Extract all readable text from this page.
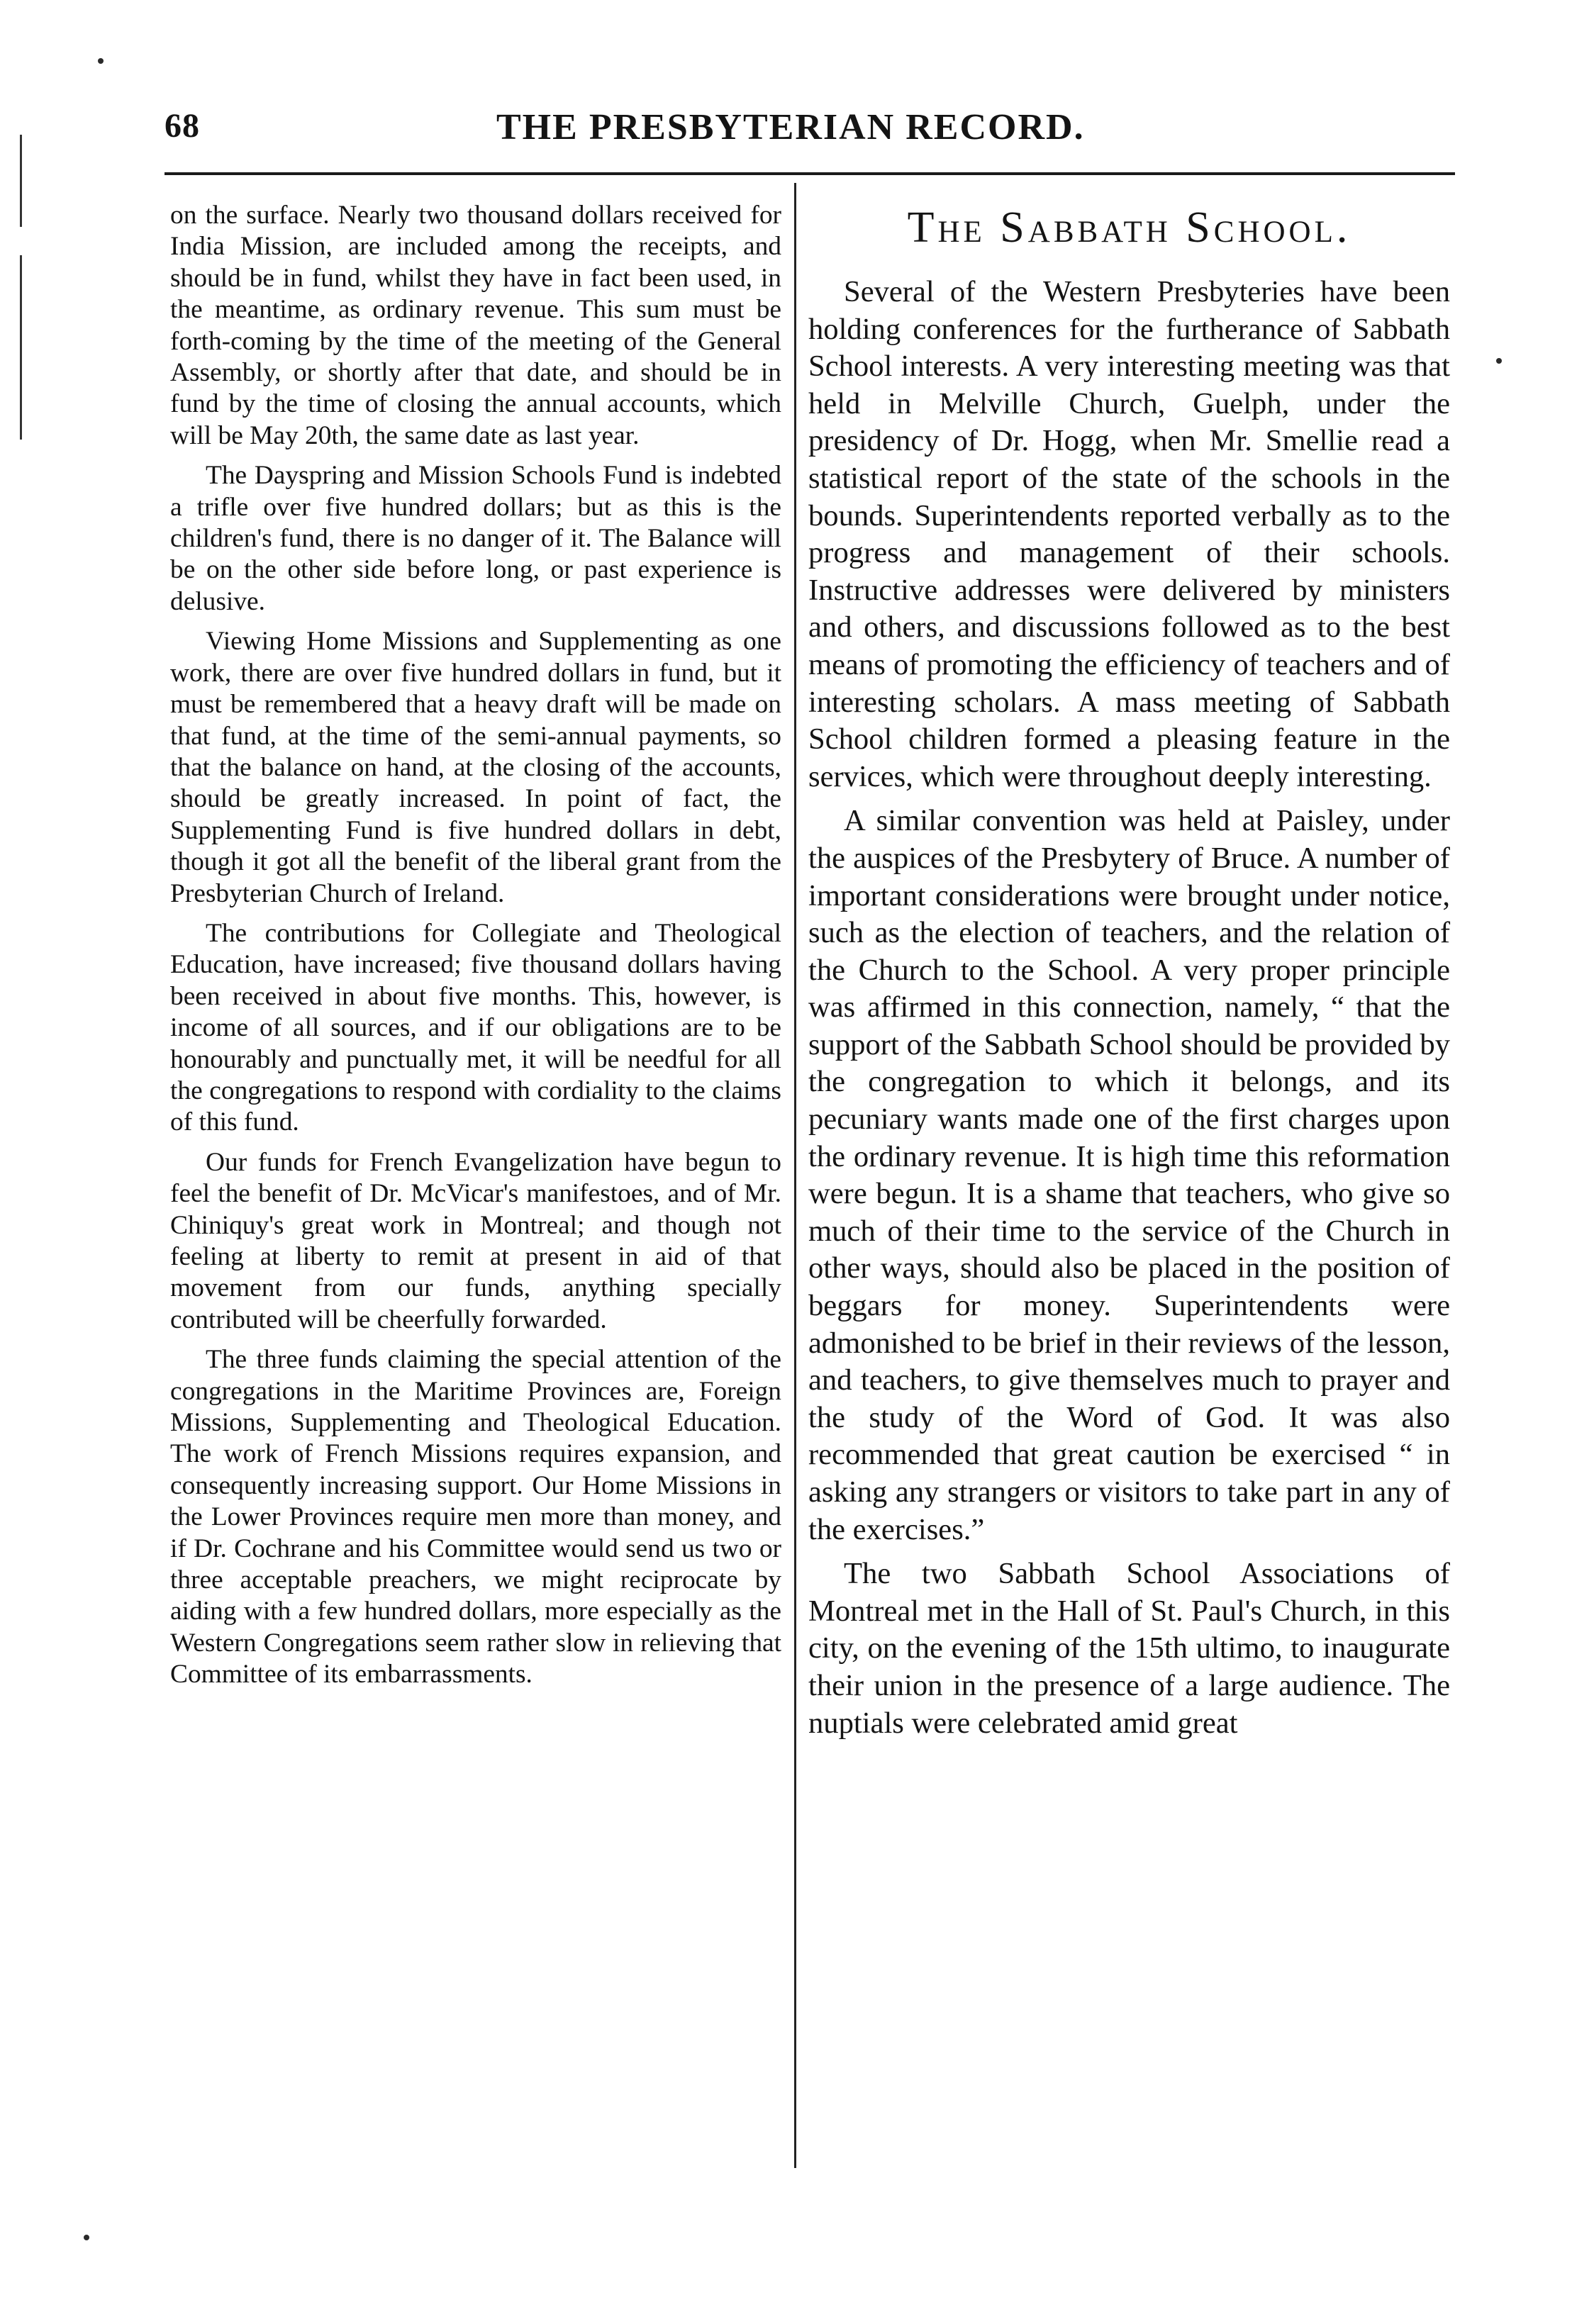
68	THE PRESBYTERIAN RECORD.

on the surface. Nearly two thousand dollars received for India Mission, are included among the receipts, and should be in fund, whilst they have in fact been used, in the meantime, as ordinary revenue. This sum must be forth-coming by the time of the meeting of the General Assembly, or shortly after that date, and should be in fund by the time of closing the annual accounts, which will be May 20th, the same date as last year.

The Dayspring and Mission Schools Fund is indebted a trifle over five hundred dollars; but as this is the children's fund, there is no danger of it. The Balance will be on the other side before long, or past experience is delusive.

Viewing Home Missions and Supplementing as one work, there are over five hundred dollars in fund, but it must be remembered that a heavy draft will be made on that fund, at the time of the semi-annual payments, so that the balance on hand, at the closing of the accounts, should be greatly increased. In point of fact, the Supplementing Fund is five hundred dollars in debt, though it got all the benefit of the liberal grant from the Presbyterian Church of Ireland.

The contributions for Collegiate and Theological Education, have increased; five thousand dollars having been received in about five months. This, however, is income of all sources, and if our obligations are to be honourably and punctually met, it will be needful for all the congregations to respond with cordiality to the claims of this fund.

Our funds for French Evangelization have begun to feel the benefit of Dr. McVicar's manifestoes, and of Mr. Chiniquy's great work in Montreal; and though not feeling at liberty to remit at present in aid of that movement from our funds, anything specially contributed will be cheerfully forwarded.

The three funds claiming the special attention of the congregations in the Maritime Provinces are, Foreign Missions, Supplementing and Theological Education. The work of French Missions requires expansion, and consequently increasing support. Our Home Missions in the Lower Provinces require men more than money, and if Dr. Cochrane and his Committee would send us two or three acceptable preachers, we might reciprocate by aiding with a few hundred dollars, more especially as the Western Congregations seem rather slow in relieving that Committee of its embarrassments.

The Sabbath School.

Several of the Western Presbyteries have been holding conferences for the furtherance of Sabbath School interests. A very interesting meeting was that held in Melville Church, Guelph, under the presidency of Dr. Hogg, when Mr. Smellie read a statistical report of the state of the schools in the bounds. Superintendents reported verbally as to the progress and management of their schools. Instructive addresses were delivered by ministers and others, and discussions followed as to the best means of promoting the efficiency of teachers and of interesting scholars. A mass meeting of Sabbath School children formed a pleasing feature in the services, which were throughout deeply interesting.

A similar convention was held at Paisley, under the auspices of the Presbytery of Bruce. A number of important considerations were brought under notice, such as the election of teachers, and the relation of the Church to the School. A very proper principle was affirmed in this connection, namely, “ that the support of the Sabbath School should be provided by the congregation to which it belongs, and its pecuniary wants made one of the first charges upon the ordinary revenue. It is high time this reformation were begun. It is a shame that teachers, who give so much of their time to the service of the Church in other ways, should also be placed in the position of beggars for money. Superintendents were admonished to be brief in their reviews of the lesson, and teachers, to give themselves much to prayer and the study of the Word of God. It was also recommended that great caution be exercised “ in asking any strangers or visitors to take part in any of the exercises.”

The two Sabbath School Associations of Montreal met in the Hall of St. Paul's Church, in this city, on the evening of the 15th ultimo, to inaugurate their union in the presence of a large audience. The nuptials were celebrated amid great
